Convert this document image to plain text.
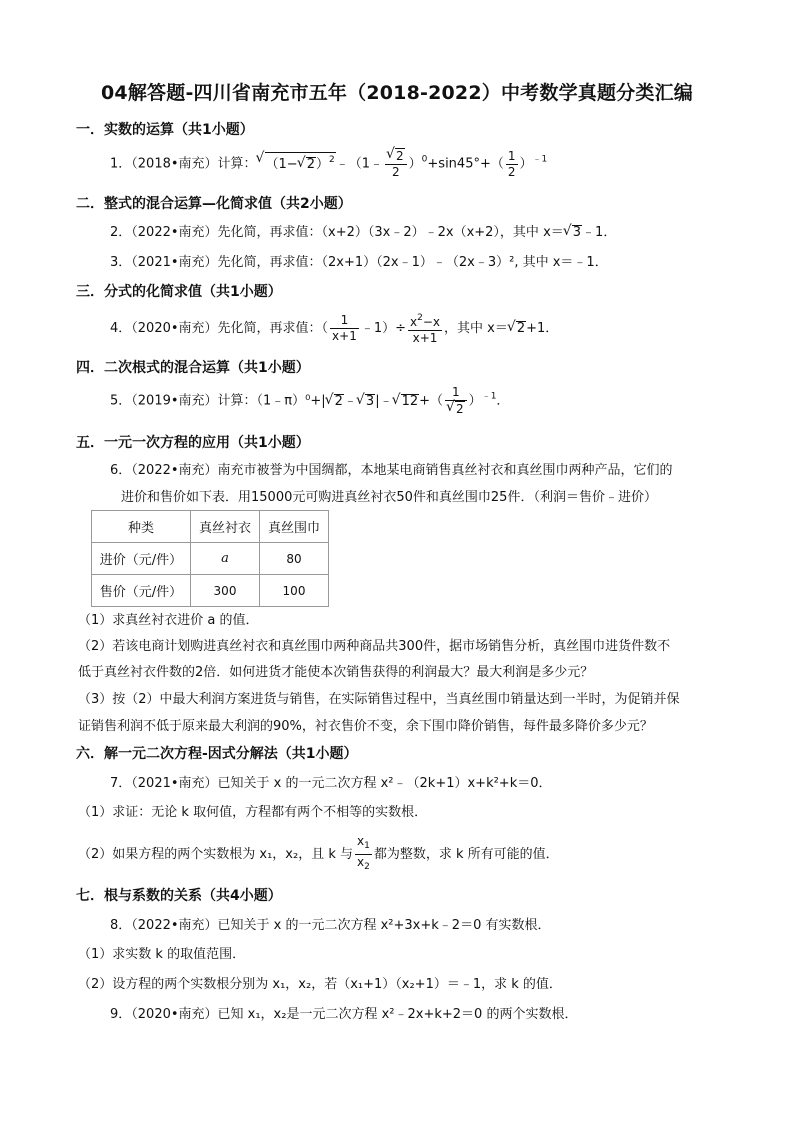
04解答题-四川省南充市五年（2018-2022）中考数学真题分类汇编
一．实数的运算（共1小题）
1．（2018•南充）计算： √ （1− √ 2）$^2$﹣（1﹣ √ $\frac{2}{2} )^0+\sin 45^\circ+( \frac{1}{2} )^{﹣1}$
二．整式的混合运算—化简求值（共2小题）
2．（2022•南充）先化简，再求值：（x+2）（3x﹣2）﹣2x（x+2），其中 x＝ √ 3﹣1．
3．（2021•南充）先化简，再求值：（2x+1）（2x﹣1）﹣（2x﹣3）², 其中 x＝﹣1．
三．分式的化简求值（共1小题）
4．（2020•南充）先化简，再求值：（ $\frac{1}{x+1}$ ﹣1）÷ $\frac{x^2-x}{x+1}$ ，其中 x＝ √ 2+1．
四．二次根式的混合运算（共1小题）
5．（2019•南充）计算：（1﹣π）⁰+| √ 2﹣ √ 3|﹣ √ 12+（ 1
√ 2 ）$^{﹣1}$．
五．一元一次方程的应用（共1小题）
6．（2022•南充）南充市被誉为中国绸都，本地某电商销售真丝衬衣和真丝围巾两种产品，它们的
进价和售价如下表．用15000元可购进真丝衬衣50件和真丝围巾25件．（利润＝售价﹣进价）
种类	真丝衬衣	真丝围巾
进价（元/件）	a	80
售价（元/件）	300	100
（1）求真丝衬衣进价 a 的值．
（2）若该电商计划购进真丝衬衣和真丝围巾两种商品共300件，据市场销售分析，真丝围巾进货件数不
低于真丝衬衣件数的2倍．如何进货才能使本次销售获得的利润最大？最大利润是多少元？
（3）按（2）中最大利润方案进货与销售，在实际销售过程中，当真丝围巾销量达到一半时，为促销并保
证销售利润不低于原来最大利润的90%，衬衣售价不变，余下围巾降价销售，每件最多降价多少元？
六．解一元二次方程-因式分解法（共1小题）
7．（2021•南充）已知关于 x 的一元二次方程 x²﹣（2k+1）x+k²+k＝0．
（1）求证：无论 k 取何值，方程都有两个不相等的实数根．
（2）如果方程的两个实数根为 x₁，x₂，且 k 与 $\frac{x_1}{x_2}$ 都为整数，求 k 所有可能的值．
七．根与系数的关系（共4小题）
8．（2022•南充）已知关于 x 的一元二次方程 x²+3x+k﹣2＝0 有实数根．
（1）求实数 k 的取值范围．
（2）设方程的两个实数根分别为 x₁，x₂，若（x₁+1）（x₂+1）＝﹣1，求 k 的值．
9．（2020•南充）已知 x₁，x₂是一元二次方程 x²﹣2x+k+2＝0 的两个实数根．
